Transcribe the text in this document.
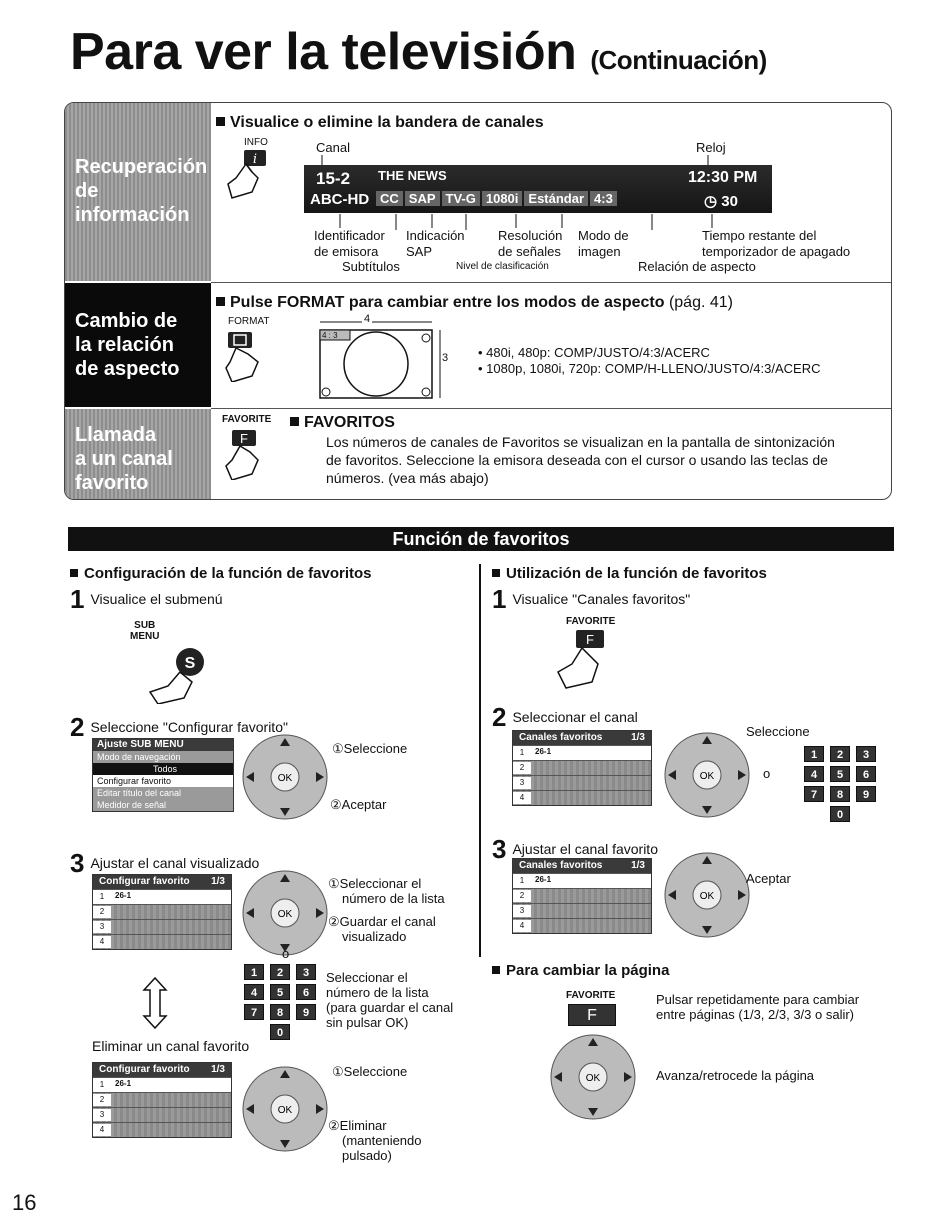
Para ver la televisión (Continuación)
Recuperación
de
información
Cambio de
la relación
de aspecto
Llamada
a un canal
favorito
Visualice o elimine la bandera de canales
INFO
i
Canal	Reloj
15-2
ABC-HD
THE NEWS
CC SAP TV-G 1080i Estándar 4:3
12:30 PM
◷ 30
Identificador
de emisora
Indicación
SAP
Resolución
de señales
Modo de
imagen
Tiempo restante del
temporizador de apagado
Subtítulos	Nivel de clasificación	Relación de aspecto
Pulse FORMAT para cambiar entre los modos de aspecto (pág. 41)
FORMAT	4
4 : 3
3 • 480i, 480p: COMP/JUSTO/4:3/ACERC
• 1080p, 1080i, 720p: COMP/H-LLENO/JUSTO/4:3/ACERC
FAVORITE
F
FAVORITOS
Los números de canales de Favoritos se visualizan en la pantalla de sintonización
de favoritos. Seleccione la emisora deseada con el cursor o usando las teclas de
números. (vea más abajo)
Función de favoritos
Configuración de la función de favoritos
1 Visualice el submenú
SUB
MENU
S
2 Seleccione "Configurar favorito"
Ajuste SUB MENU
Modo de navegación
Todos
Configurar favorito
Editar título del canal
Medidor de señal
OK
①Seleccione
②Aceptar
3 Ajustar el canal visualizado
Configurar favorito 1/3
1	26-1
2
3
4
OK
①Seleccionar el
número de la lista
②Guardar el canal
visualizado
o
1	2	3
4	5	6
7	8	9
0
Seleccionar el
número de la lista
(para guardar el canal
sin pulsar OK)
Eliminar un canal favorito
Configurar favorito 1/3
1	26-1
2
3
4
OK
①Seleccione
②Eliminar
(manteniendo
pulsado)
Utilización de la función de favoritos
1 Visualice "Canales favoritos"
FAVORITE
F
2 Seleccionar el canal
Canales favoritos	1/3
1	26-1
2
3
4
OK
Seleccione
o
1	2	3
4	5	6
7	8	9
0
3 Ajustar el canal favorito
Canales favoritos	1/3
1	26-1
2
3
4
OK
Aceptar
Para cambiar la página
FAVORITE
F
Pulsar repetidamente para cambiar
entre páginas (1/3, 2/3, 3/3 o salir)
OK	Avanza/retrocede la página
16
